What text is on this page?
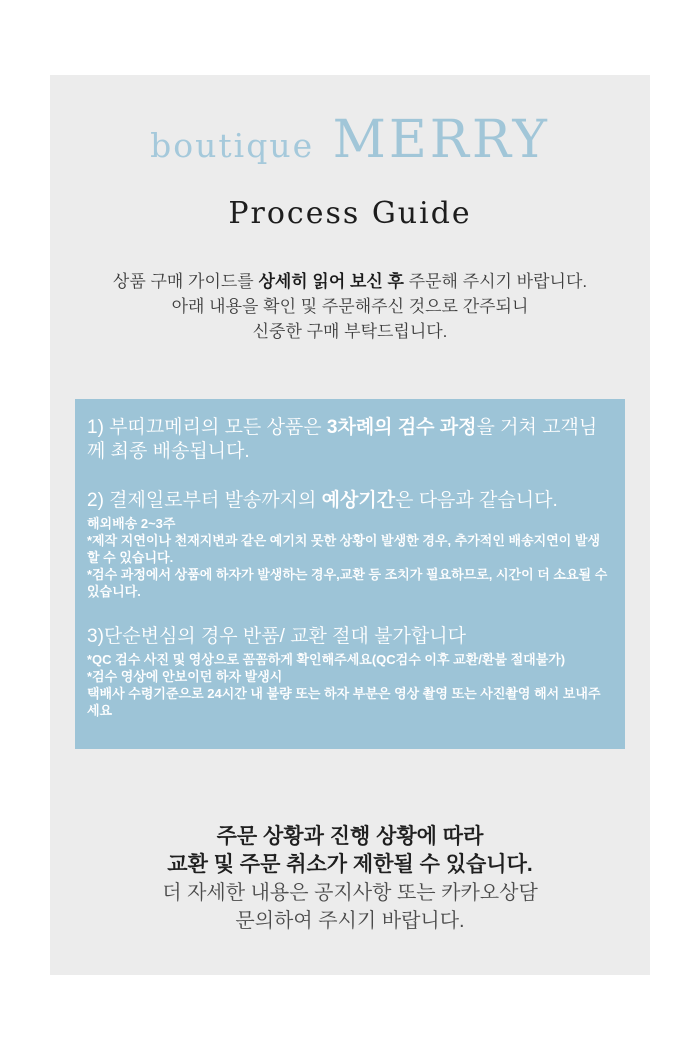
boutique MERRY
Process Guide
상품 구매 가이드를 상세히 읽어 보신 후 주문해 주시기 바랍니다.
아래 내용을 확인 및 주문해주신 것으로 간주되니
신중한 구매 부탁드립니다.

1) 부띠끄메리의 모든 상품은 3차례의 검수 과정을 거쳐 고객님께 최종 배송됩니다.

2) 결제일로부터 발송까지의 예상기간은 다음과 같습니다.

해외배송 2~3주
*제작 지연이나 천재지변과 같은 예기치 못한 상황이 발생한 경우, 추가적인 배송지연이 발생할 수 있습니다.
*검수 과정에서 상품에 하자가 발생하는 경우,교환 등 조치가 필요하므로, 시간이 더 소요될 수 있습니다.

3)단순변심의 경우 반품/ 교환 절대 불가합니다

*QC 검수 사진 및 영상으로 꼼꼼하게 확인해주세요(QC검수 이후 교환/환불 절대불가)
*검수 영상에 안보이던 하자 발생시
택배사 수령기준으로 24시간 내 불량 또는 하자 부분은 영상 촬영 또는 사진촬영 해서 보내주세요
주문 상황과 진행 상황에 따라
교환 및 주문 취소가 제한될 수 있습니다.
더 자세한 내용은 공지사항 또는 카카오상담
문의하여 주시기 바랍니다.
